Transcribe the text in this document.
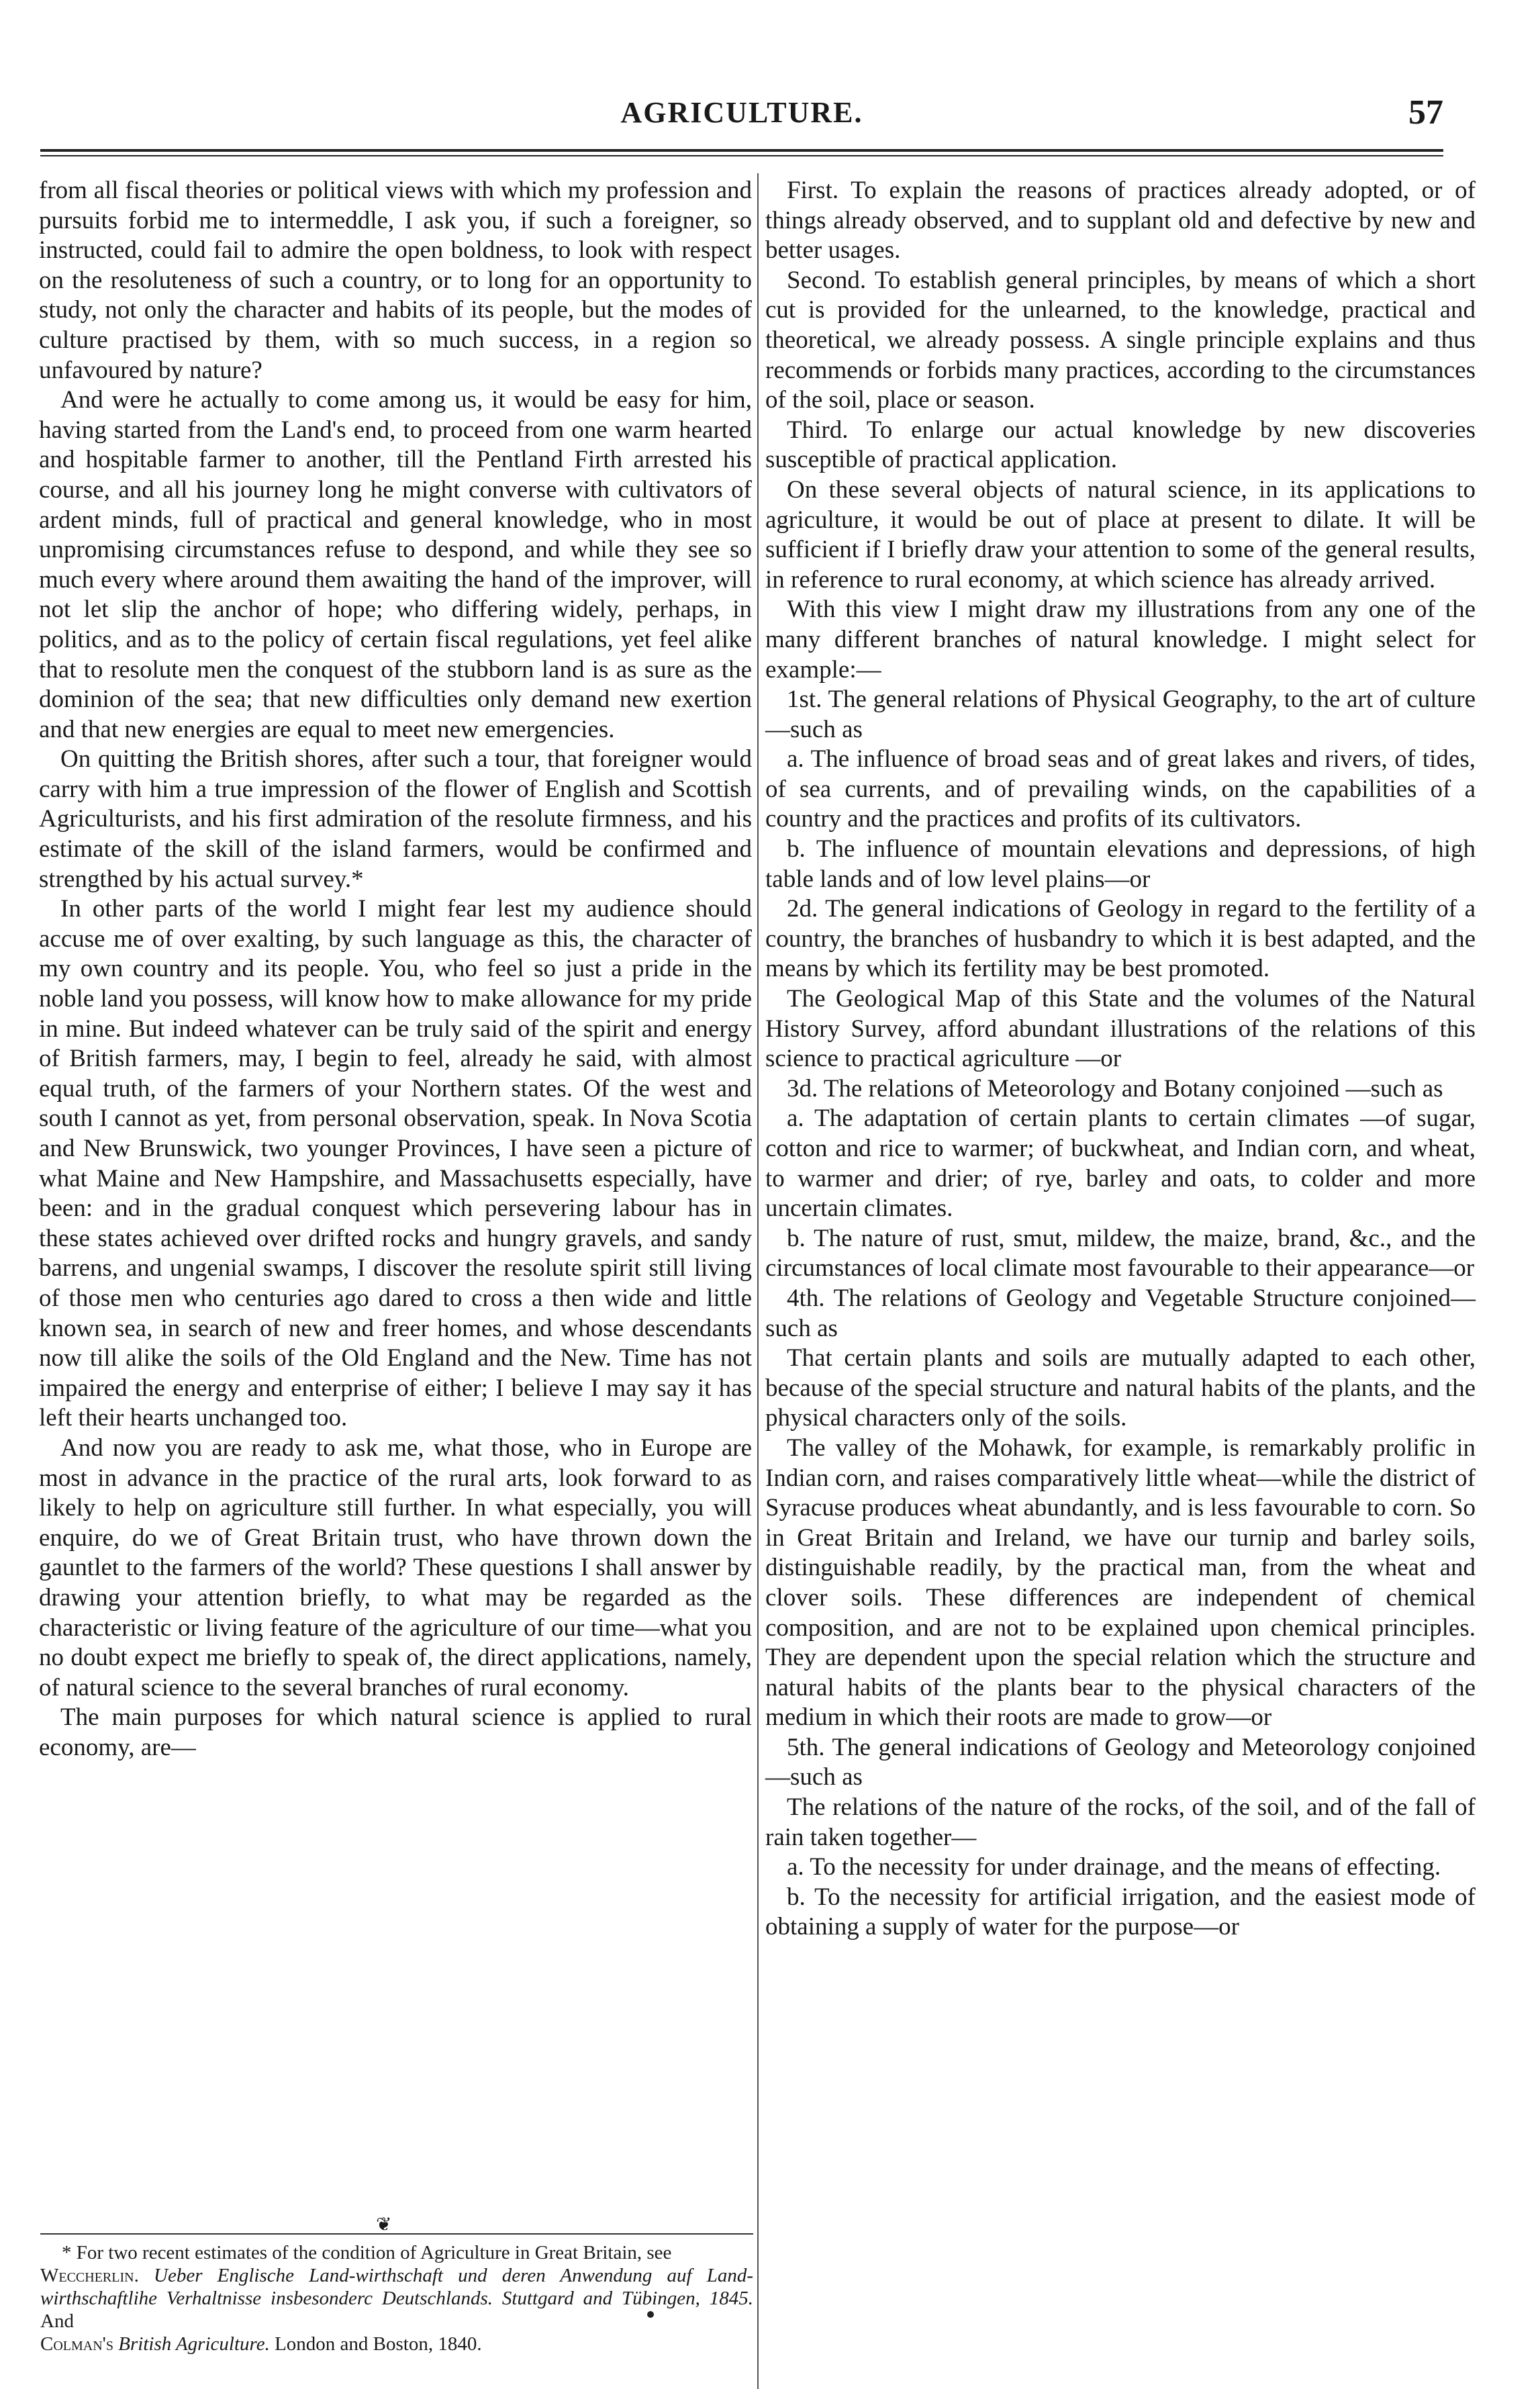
AGRICULTURE.	57

from all fiscal theories or political views with which my profession and pursuits forbid me to intermeddle, I ask you, if such a foreigner, so instructed, could fail to admire the open boldness, to look with respect on the resoluteness of such a country, or to long for an opportunity to study, not only the character and habits of its people, but the modes of culture practised by them, with so much success, in a region so unfavoured by nature?

And were he actually to come among us, it would be easy for him, having started from the Land's end, to proceed from one warm hearted and hospitable farmer to another, till the Pentland Firth arrested his course, and all his journey long he might converse with cultivators of ardent minds, full of practical and general knowledge, who in most unpromising circumstances refuse to despond, and while they see so much every where around them awaiting the hand of the improver, will not let slip the anchor of hope; who differing widely, perhaps, in politics, and as to the policy of certain fiscal regulations, yet feel alike that to resolute men the conquest of the stubborn land is as sure as the dominion of the sea; that new difficulties only demand new exertion and that new energies are equal to meet new emergencies.

On quitting the British shores, after such a tour, that foreigner would carry with him a true impression of the flower of English and Scottish Agriculturists, and his first admiration of the resolute firmness, and his estimate of the skill of the island farmers, would be confirmed and strengthed by his actual survey.*

In other parts of the world I might fear lest my audience should accuse me of over exalting, by such language as this, the character of my own country and its people. You, who feel so just a pride in the noble land you possess, will know how to make allowance for my pride in mine. But indeed whatever can be truly said of the spirit and energy of British farmers, may, I begin to feel, already he said, with almost equal truth, of the farmers of your Northern states. Of the west and south I cannot as yet, from personal observation, speak. In Nova Scotia and New Brunswick, two younger Provinces, I have seen a picture of what Maine and New Hampshire, and Massachusetts especially, have been: and in the gradual conquest which persevering labour has in these states achieved over drifted rocks and hungry gravels, and sandy barrens, and ungenial swamps, I discover the resolute spirit still living of those men who centuries ago dared to cross a then wide and little known sea, in search of new and freer homes, and whose descendants now till alike the soils of the Old England and the New. Time has not impaired the energy and enterprise of either; I believe I may say it has left their hearts unchanged too.

And now you are ready to ask me, what those, who in Europe are most in advance in the practice of the rural arts, look forward to as likely to help on agriculture still further. In what especially, you will enquire, do we of Great Britain trust, who have thrown down the gauntlet to the farmers of the world? These questions I shall answer by drawing your attention briefly, to what may be regarded as the characteristic or living feature of the agriculture of our time—what you no doubt expect me briefly to speak of, the direct applications, namely, of natural science to the several branches of rural economy.

The main purposes for which natural science is applied to rural economy, are—

First. To explain the reasons of practices already adopted, or of things already observed, and to supplant old and defective by new and better usages.

Second. To establish general principles, by means of which a short cut is provided for the unlearned, to the knowledge, practical and theoretical, we already possess. A single principle explains and thus recommends or forbids many practices, according to the circumstances of the soil, place or season.

Third. To enlarge our actual knowledge by new discoveries susceptible of practical application.

On these several objects of natural science, in its applications to agriculture, it would be out of place at present to dilate. It will be sufficient if I briefly draw your attention to some of the general results, in reference to rural economy, at which science has already arrived.

With this view I might draw my illustrations from any one of the many different branches of natural knowledge. I might select for example:—

1st. The general relations of Physical Geography, to the art of culture—such as

a. The influence of broad seas and of great lakes and rivers, of tides, of sea currents, and of prevailing winds, on the capabilities of a country and the practices and profits of its cultivators.

b. The influence of mountain elevations and depressions, of high table lands and of low level plains—or

2d. The general indications of Geology in regard to the fertility of a country, the branches of husbandry to which it is best adapted, and the means by which its fertility may be best promoted.

The Geological Map of this State and the volumes of the Natural History Survey, afford abundant illustrations of the relations of this science to practical agriculture —or

3d. The relations of Meteorology and Botany conjoined —such as

a. The adaptation of certain plants to certain climates —of sugar, cotton and rice to warmer; of buckwheat, and Indian corn, and wheat, to warmer and drier; of rye, barley and oats, to colder and more uncertain climates.

b. The nature of rust, smut, mildew, the maize, brand, &c., and the circumstances of local climate most favourable to their appearance—or

4th. The relations of Geology and Vegetable Structure conjoined—such as

That certain plants and soils are mutually adapted to each other, because of the special structure and natural habits of the plants, and the physical characters only of the soils.

The valley of the Mohawk, for example, is remarkably prolific in Indian corn, and raises comparatively little wheat—while the district of Syracuse produces wheat abundantly, and is less favourable to corn. So in Great Britain and Ireland, we have our turnip and barley soils, distinguishable readily, by the practical man, from the wheat and clover soils. These differences are independent of chemical composition, and are not to be explained upon chemical principles. They are dependent upon the special relation which the structure and natural habits of the plants bear to the physical characters of the medium in which their roots are made to grow—or

5th. The general indications of Geology and Meteorology conjoined—such as

The relations of the nature of the rocks, of the soil, and of the fall of rain taken together—

a. To the necessity for under drainage, and the means of effecting.

b. To the necessity for artificial irrigation, and the easiest mode of obtaining a supply of water for the purpose—or

❦

* For two recent estimates of the condition of Agriculture in Great Britain, see

Weccherlin. Ueber Englische Land-wirthschaft und deren Anwendung auf Land-wirthschaftlihe Verhaltnisse insbesonderc Deutschlands. Stuttgard and Tübingen, 1845. And

Colman's British Agriculture. London and Boston, 1840.
